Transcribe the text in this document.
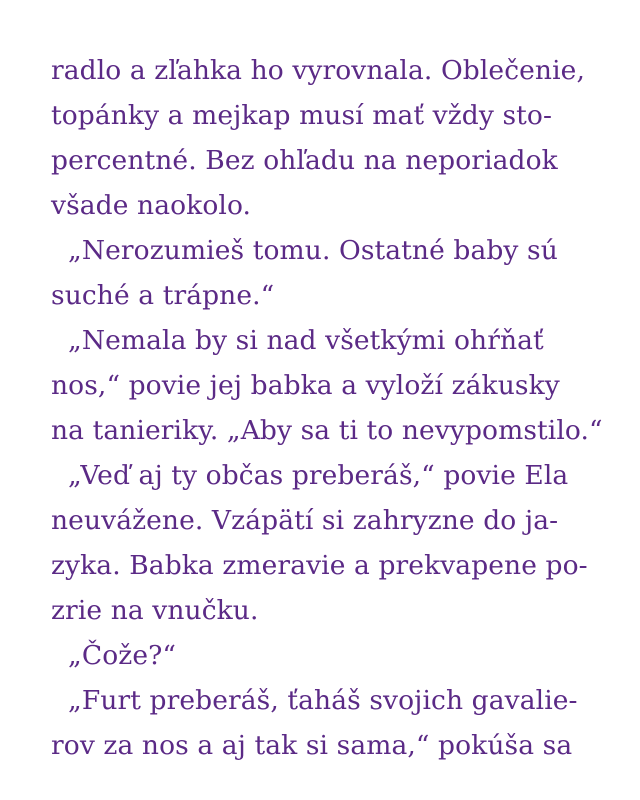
radlo a zľahka ho vyrovnala. Oblečenie,
topánky a mejkap musí mať vždy sto-
percentné. Bez ohľadu na neporiadok
všade naokolo.
„Nerozumieš tomu. Ostatné baby sú
suché a trápne.“
„Nemala by si nad všetkými ohŕňať
nos,“ povie jej babka a vyloží zákusky
na tanieriky. „Aby sa ti to nevypomstilo.“
„Veď aj ty občas preberáš,“ povie Ela
neuvážene. Vzápätí si zahryzne do ja-
zyka. Babka zmeravie a prekvapene po-
zrie na vnučku.
„Čože?“
„Furt preberáš, ťaháš svojich gavalie-
rov za nos a aj tak si sama,“ pokúša sa
